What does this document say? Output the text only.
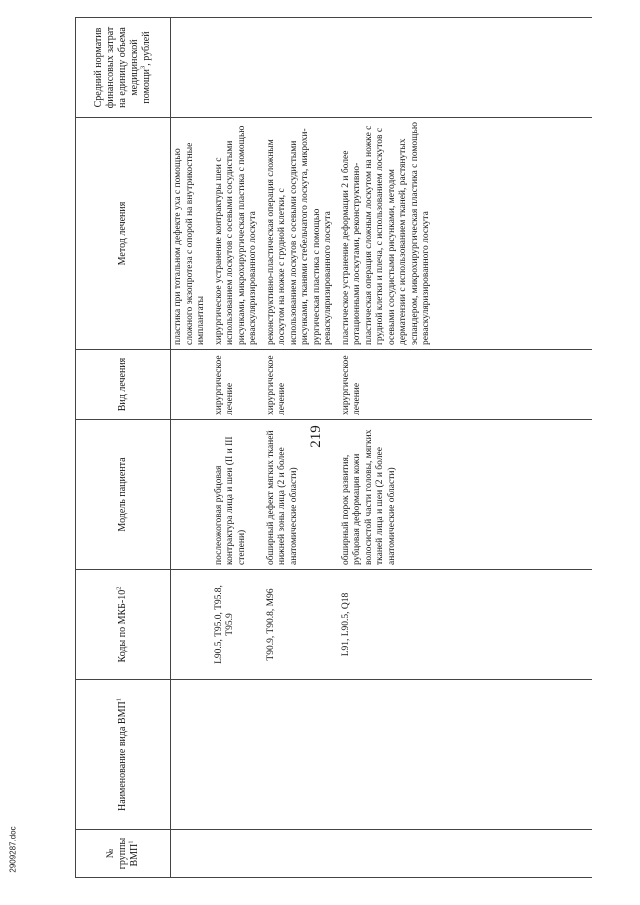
219
2909287.doc	№ группы ВМП$^1$	Наименование вида ВМП$^1$	Коды по МКБ-$10^2$	Модель пациента	Вид лечения	Метод лечения	Средний норматив финансовых затрат на единицу объема медицинской помощи$^3$, рублей
					пластика при тотальном дефекте уха с помощью сложного экзопротеза с опорой на внутрикостные имплантаты	
		L90.5, T95.0, T95.8, T95.9	послеожоговая рубцовая контрактура лица и шеи (II и III степени)	хирургическое лечение	хирургическое устранение контрактуры шеи с использованием лоскутов с осевыми сосудистыми рисунками, микрохирургическая пластика с помощью реваскуляризированного лоскута	
		T90.9, T90.8, M96	обширный дефект мягких тканей нижней зоны лица (2 и более анатомические области)	хирургическое лечение	реконструктивно-пластическая операция сложным лоскутом на ножке с грудной клетки, с использованием лоскутов с осевыми сосудистыми рисунками, тканями стебельчатого лоскута, микрохи-рургическая пластика с помощью реваскуляризированного лоскута	
		L91, L90.5, Q18	обширный порок развития, рубцовая деформация кожи волосистой части головы, мягких тканей лица и шеи (2 и более анатомические области)	хирургическое лечение	пластическое устранение деформации 2 и более ротационными лоскутами, реконструктивно-пластическая операция сложным лоскутом на ножке с грудной клетки и плеча, с использованием лоскутов с осевыми сосудистыми рисунками, методом дерматензии с использованием тканей, растянутых эспандером, микрохирургическая пластика с помощью реваскуляризированного лоскута	
